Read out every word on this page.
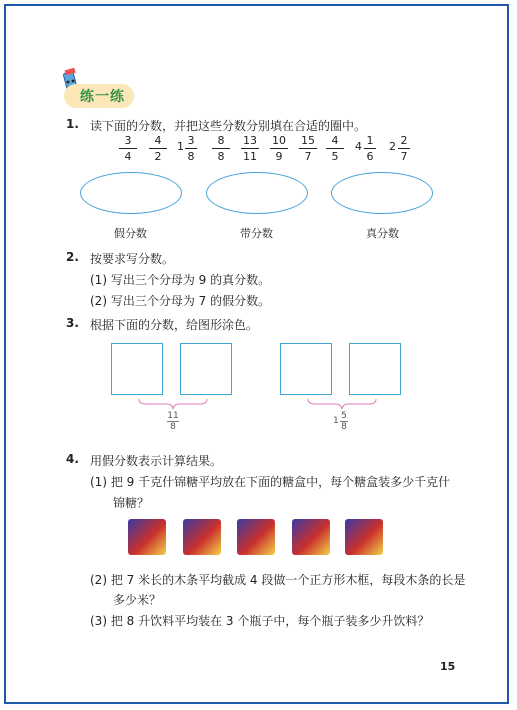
练一练
1. 读下面的分数，并把这些分数分别填在合适的圈中。
3
4
4
2
1 3
8
8
8
13
11
10
9
15
7
4
5
4 1
6
2 2
7
假分数	带分数	真分数
2. 按要求写分数。
(1) 写出三个分母为 9 的真分数。
(2) 写出三个分母为 7 的假分数。
3. 根据下面的分数，给图形涂色。
11
8
1 5
8
4. 用假分数表示计算结果。
(1) 把 9 千克什锦糖平均放在下面的糖盒中，每个糖盒装多少千克什
锦糖？
(2) 把 7 米长的木条平均截成 4 段做一个正方形木框，每段木条的长是
多少米？
(3) 把 8 升饮料平均装在 3 个瓶子中，每个瓶子装多少升饮料？
15
